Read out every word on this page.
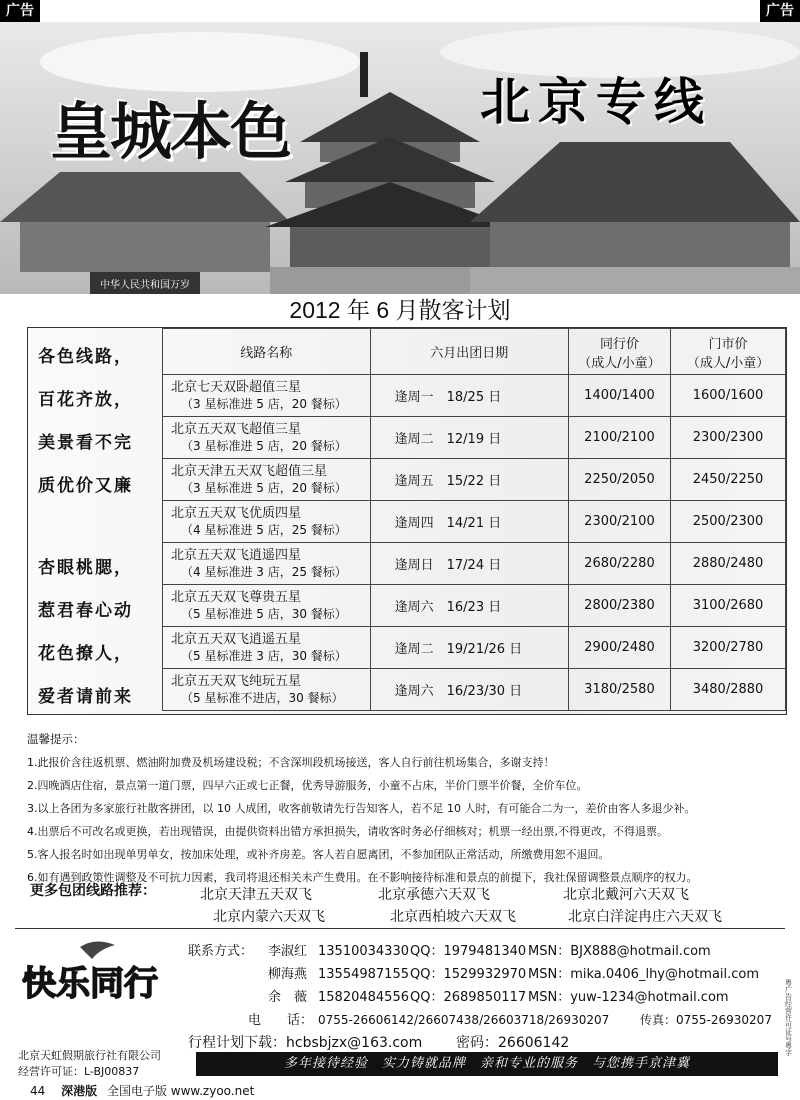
广告	广告
中华人民共和国万岁
皇城本色	北京专线
2012 年 6 月散客计划
各色线路，
百花齐放，
美景看不完
质优价又廉
杏眼桃腮，
惹君春心动
花色撩人，
爱者请前来
线路名称	六月出团日期	同行价
（成人/小童）	门市价
（成人/小童）

北京七天双卧超值三星
（3 星标准进 5 店，20 餐标）	逢周一　18/25 日	1400/1400	1600/1600

北京五天双飞超值三星
（3 星标准进 5 店，20 餐标）	逢周二　12/19 日	2100/2100	2300/2300

北京天津五天双飞超值三星
（3 星标准进 5 店，20 餐标）	逢周五　15/22 日	2250/2050	2450/2250

北京五天双飞优质四星
（4 星标准进 5 店，25 餐标）	逢周四　14/21 日	2300/2100	2500/2300

北京五天双飞逍遥四星
（4 星标准进 3 店，25 餐标）	逢周日　17/24 日	2680/2280	2880/2480

北京五天双飞尊贵五星
（5 星标准进 5 店，30 餐标）	逢周六　16/23 日	2800/2380	3100/2680

北京五天双飞逍遥五星
（5 星标准进 3 店，30 餐标）	逢周二　19/21/26 日	2900/2480	3200/2780

北京五天双飞纯玩五星
（5 星标准不进店，30 餐标）	逢周六　16/23/30 日	3180/2580	3480/2880
温馨提示：
1.此报价含往返机票、燃油附加费及机场建设税；不含深圳段机场接送，客人自行前往机场集合，多谢支持！
2.四晚酒店住宿，景点第一道门票，四早六正或七正餐，优秀导游服务，小童不占床，半价门票半价餐，全价车位。
3.以上各团为多家旅行社散客拼团，以 10 人成团，收客前敬请先行告知客人，若不足 10 人时，有可能合二为一，差价由客人多退少补。
4.出票后不可改名或更换，若出现错误，由提供资料出错方承担损失，请收客时务必仔细核对；机票一经出票,不得更改，不得退票。
5.客人报名时如出现单男单女，按加床处理，或补齐房差。客人若自愿离团，不参加团队正常活动，所缴费用恕不退回。
6.如有遇到政策性调整及不可抗力因素，我司将退还相关未产生费用。在不影响接待标准和景点的前提下，我社保留调整景点顺序的权力。
更多包团线路推荐：	北京天津五天双飞	北京承德六天双飞	北京北戴河六天双飞
北京内蒙六天双飞	北京西柏坡六天双飞	北京白洋淀冉庄六天双飞
快乐同行
北京天虹假期旅行社有限公司
经营许可证：L-BJ00837
联系方式： 李淑红 13510034330 QQ：1979481340 MSN：BJX888@hotmail.com
柳海燕 13554987155 QQ：1529932970 MSN：mika.0406_lhy@hotmail.com
余　薇 15820484556 QQ：2689850117 MSN：yuw-1234@hotmail.com
电　　话： 0755-26606142/26607438/26603718/26930207	传真：0755-26930207
行程计划下载：hcbsbjzx@163.com 密码：26606142
多年接待经验　实力铸就品牌　亲和专业的服务　与您携手京津冀
44 深港版 全国电子版 www.zyoo.net
粤广告经营许可证号粤字
